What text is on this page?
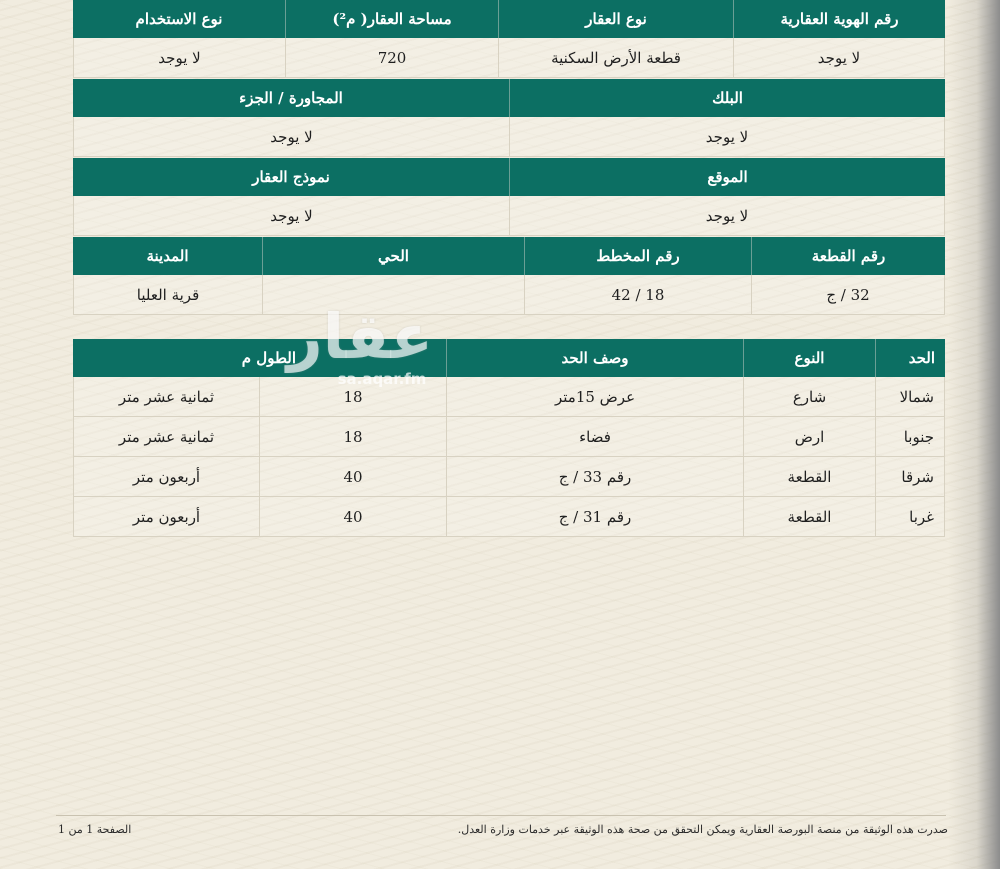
رقم الهوية العقارية
نوع العقار
مساحة العقار( م²)
نوع الاستخدام
لا يوجد
قطعة الأرض السكنية
720
لا يوجد
البلك
المجاورة / الجزء
لا يوجد
لا يوجد
الموقع
نموذج العقار
لا يوجد
لا يوجد
رقم القطعة
رقم المخطط
الحي
المدينة
32 / ج
18 / 42
قرية العليا
الحد
النوع
وصف الحد
الطول م
شمالا
شارع
عرض 15متر
18
ثمانية عشر متر
جنوبا
ارض
فضاء
18
ثمانية عشر متر
شرقا
القطعة
رقم 33 / ج
40
أربعون متر
غربا
القطعة
رقم 31 / ج
40
أربعون متر
عقار
sa.aqar.fm
صدرت هذه الوثيقة من منصة البورصة العقارية ويمكن التحقق من صحة هذه الوثيقة عبر خدمات وزارة العدل.
الصفحة 1 من 1
